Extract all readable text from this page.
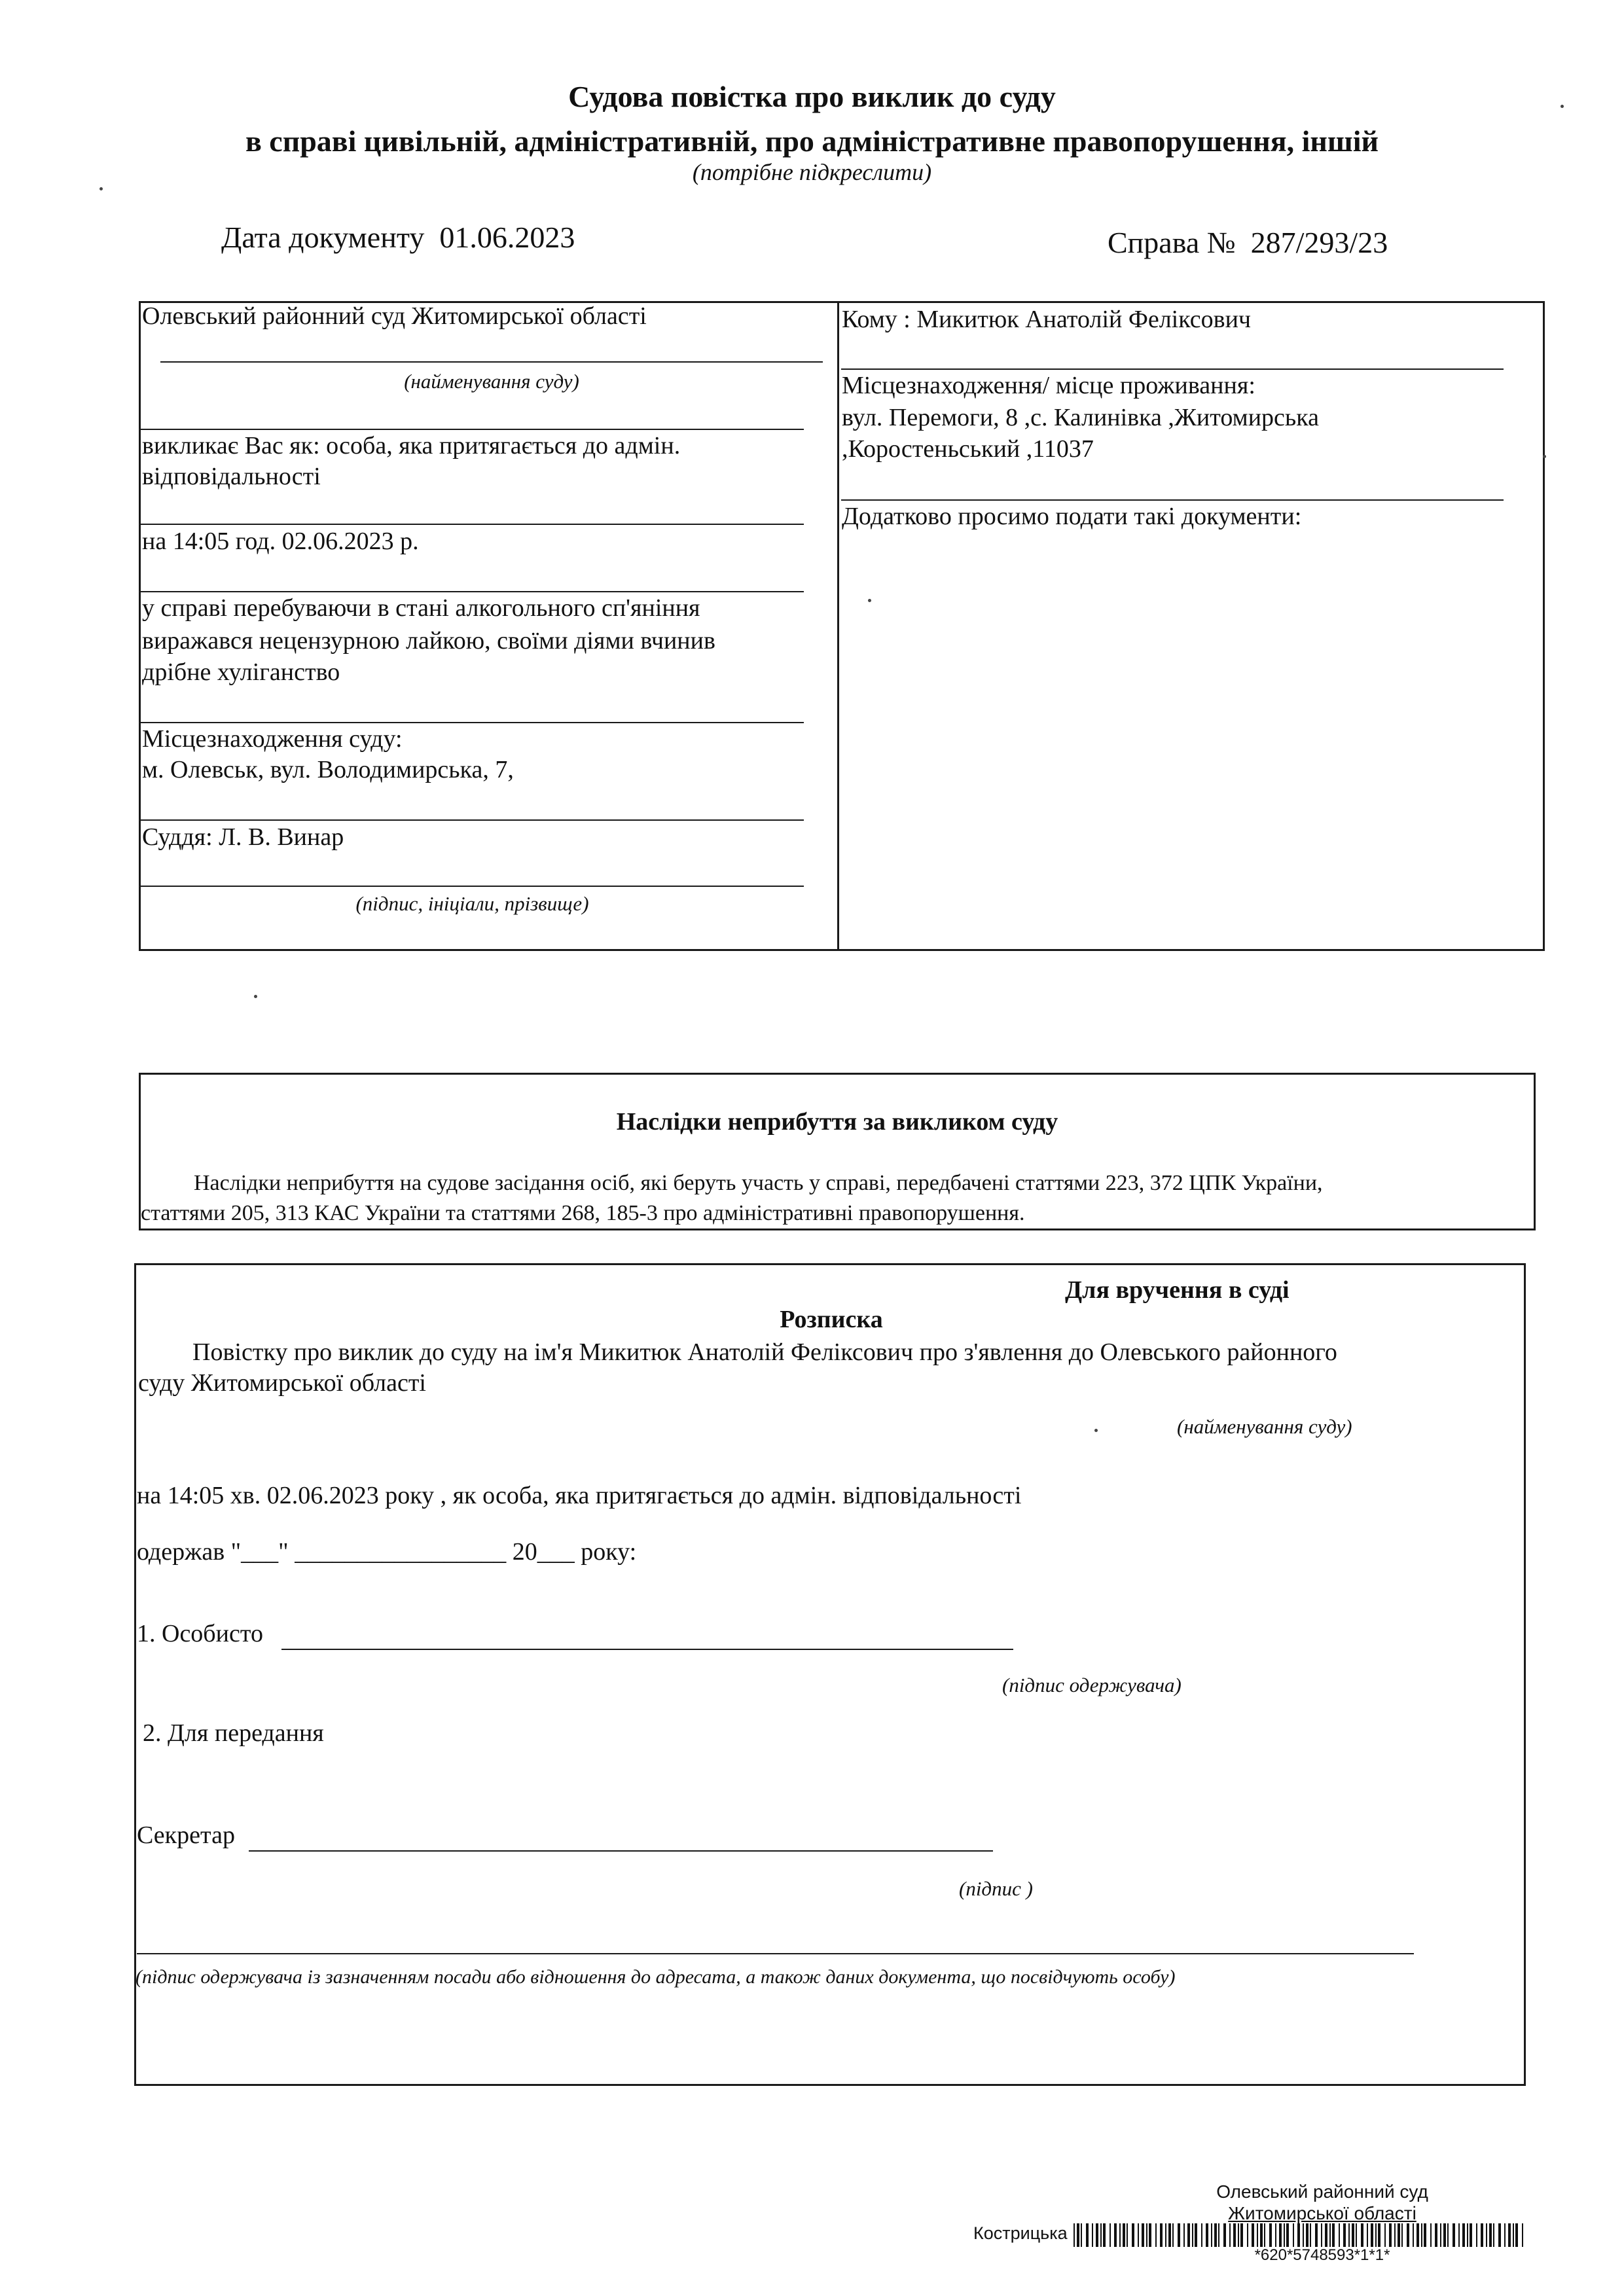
Судова повістка про виклик до суду
в справі цивільній, адміністративній, про адміністративне правопорушення, іншій
(потрібне підкреслити)
Дата документу 01.06.2023	Справа № 287/293/23
Олевський районний суд Житомирської області
(найменування суду)
викликає Вас як: особа, яка притягається до адмін.
відповідальності
на 14:05 год. 02.06.2023 р.
у справі перебуваючи в стані алкогольного сп'яніння
виражався нецензурною лайкою, своїми діями вчинив
дрібне хуліганство
Місцезнаходження суду:
м. Олевськ, вул. Володимирська, 7,
Суддя: Л. В. Винар
(підпис, ініціали, прізвище)
Кому : Микитюк Анатолій Феліксович
Місцезнаходження/ місце проживання:
вул. Перемоги, 8 ,с. Калинівка ,Житомирська
,Коростеньський ,11037
Додатково просимо подати такі документи:
Наслідки неприбуття за викликом суду
Наслідки неприбуття на судове засідання осіб, які беруть участь у справі, передбачені статтями 223, 372 ЦПК України,
статтями 205, 313 КАС України та статтями 268, 185-3 про адміністративні правопорушення.
Для вручення в суді
Розписка
Повістку про виклик до суду на ім'я Микитюк Анатолій Феліксович про з'явлення до Олевського районного
суду Житомирської області
(найменування суду)
на 14:05 хв. 02.06.2023 року , як особа, яка притягається до адмін. відповідальності
одержав "___" _________________ 20___ року:
1. Особисто
(підпис одержувача)
2. Для передання
Секретар
(підпис )
(підпис одержувача із зазначенням посади або відношення до адресата, а також даних документа, що посвідчують особу)
Олевський районний суд
Житомирської області
Кострицька
*620*5748593*1*1*
